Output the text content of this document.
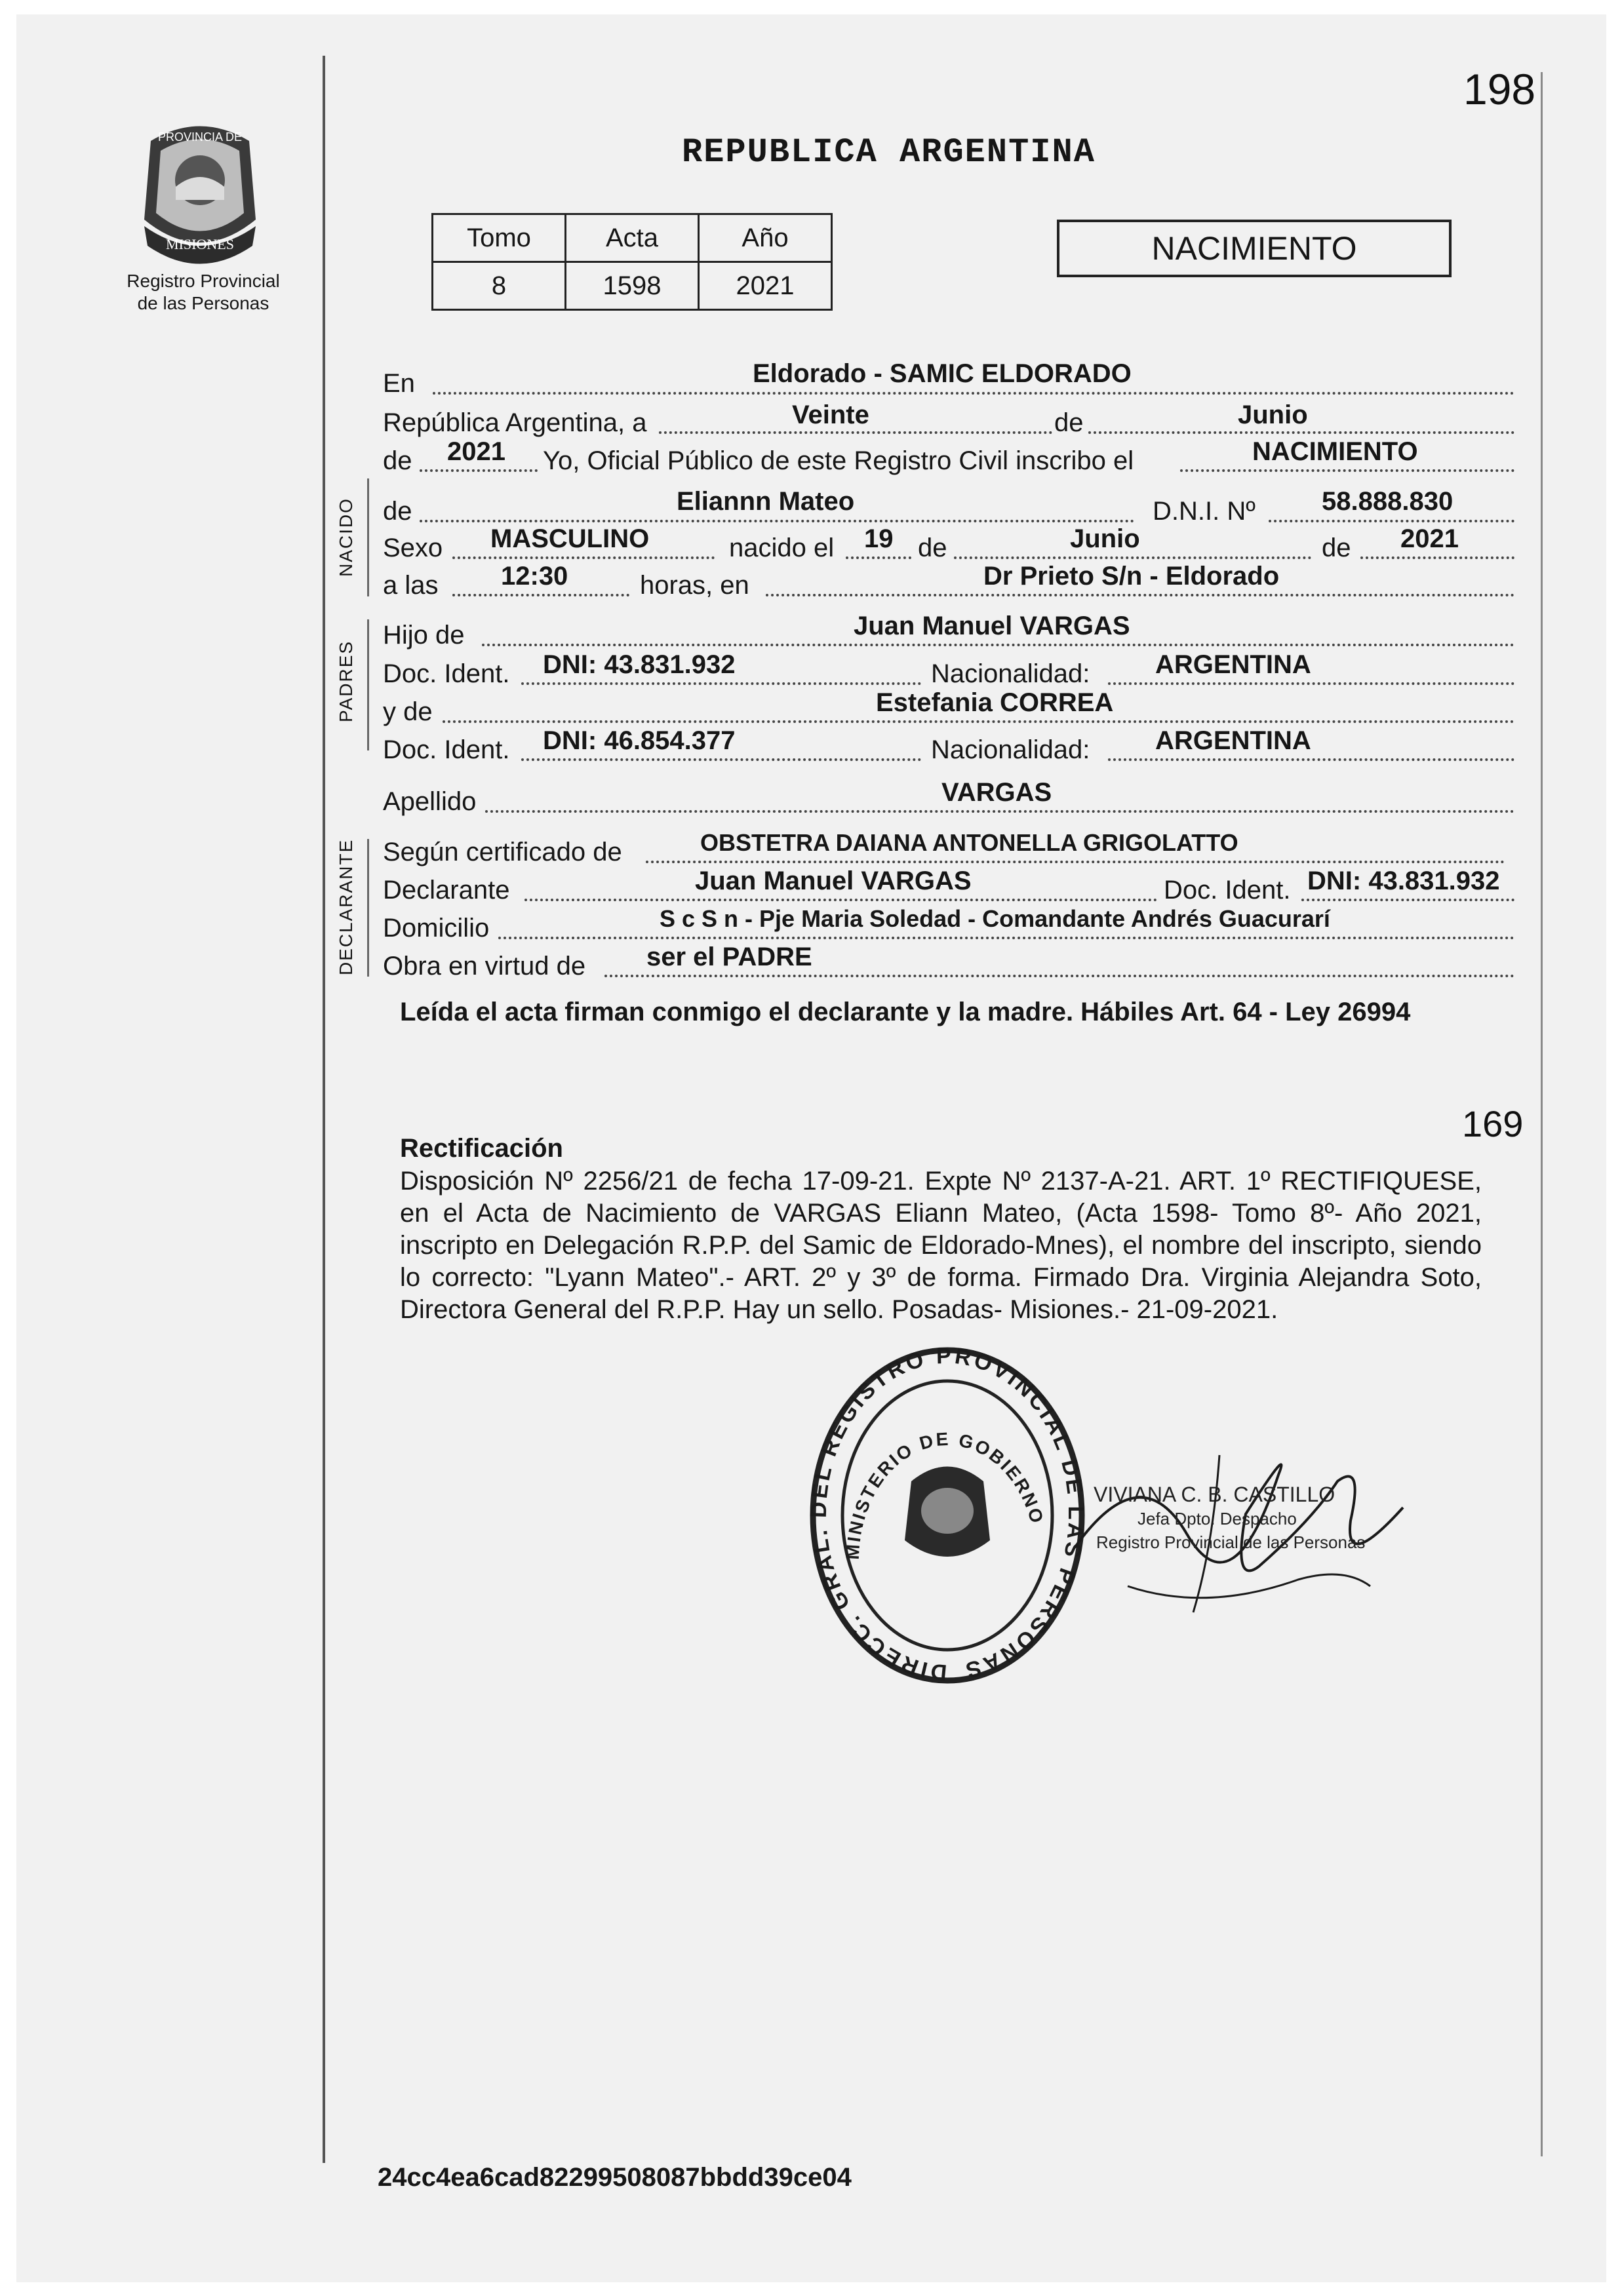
198
169
PROVINCIA DE
MISIONES
Registro Provincial
de las Personas
REPUBLICA ARGENTINA
Tomo	Acta	Año
8	1598	2021
NACIMIENTO
NACIDO
PADRES
DECLARANTE
En	Eldorado - SAMIC ELDORADO
República Argentina, a	Veinte	de	Junio
de 2021 Yo, Oficial Público de este Registro Civil inscribo el	NACIMIENTO
de	Eliannn Mateo	D.N.I. Nº	58.888.830
Sexo MASCULINO	nacido el 19 de	Junio	de 2021
a las 12:30	horas, en	Dr Prieto S/n - Eldorado
Hijo de	Juan Manuel VARGAS
Doc. Ident. DNI: 43.831.932	Nacionalidad: ARGENTINA
y de	Estefania CORREA
Doc. Ident. DNI: 46.854.377	Nacionalidad: ARGENTINA
Apellido	VARGAS
Según certificado de	OBSTETRA DAIANA ANTONELLA GRIGOLATTO
Declarante	Juan Manuel VARGAS	Doc. Ident. DNI: 43.831.932
Domicilio	S c S n - Pje Maria Soledad - Comandante Andrés Guacurarí
Obra en virtud de ser el PADRE
Leída el acta firman conmigo el declarante y la madre. Hábiles Art. 64 - Ley 26994
Rectificación
Disposición Nº 2256/21 de fecha 17-09-21. Expte Nº 2137-A-21. ART. 1º RECTIFIQUESE, en el Acta de Nacimiento de VARGAS Eliann Mateo, (Acta 1598- Tomo 8º- Año 2021, inscripto en Delegación R.P.P. del Samic de Eldorado-Mnes), el nombre del inscripto, siendo lo correcto: "Lyann Mateo".- ART. 2º y 3º de forma. Firmado Dra. Virginia Alejandra Soto, Directora General del R.P.P. Hay un sello. Posadas- Misiones.- 21-09-2021.
DIRECC. GRAL. DEL REGISTRO PROVINCIAL DE LAS PERSONAS
MINISTERIO DE GOBIERNO
VIVIANA C. B. CASTILLO
Jefa Dpto. Despacho
Registro Provincial de las Personas
24cc4ea6cad82299508087bbdd39ce04
